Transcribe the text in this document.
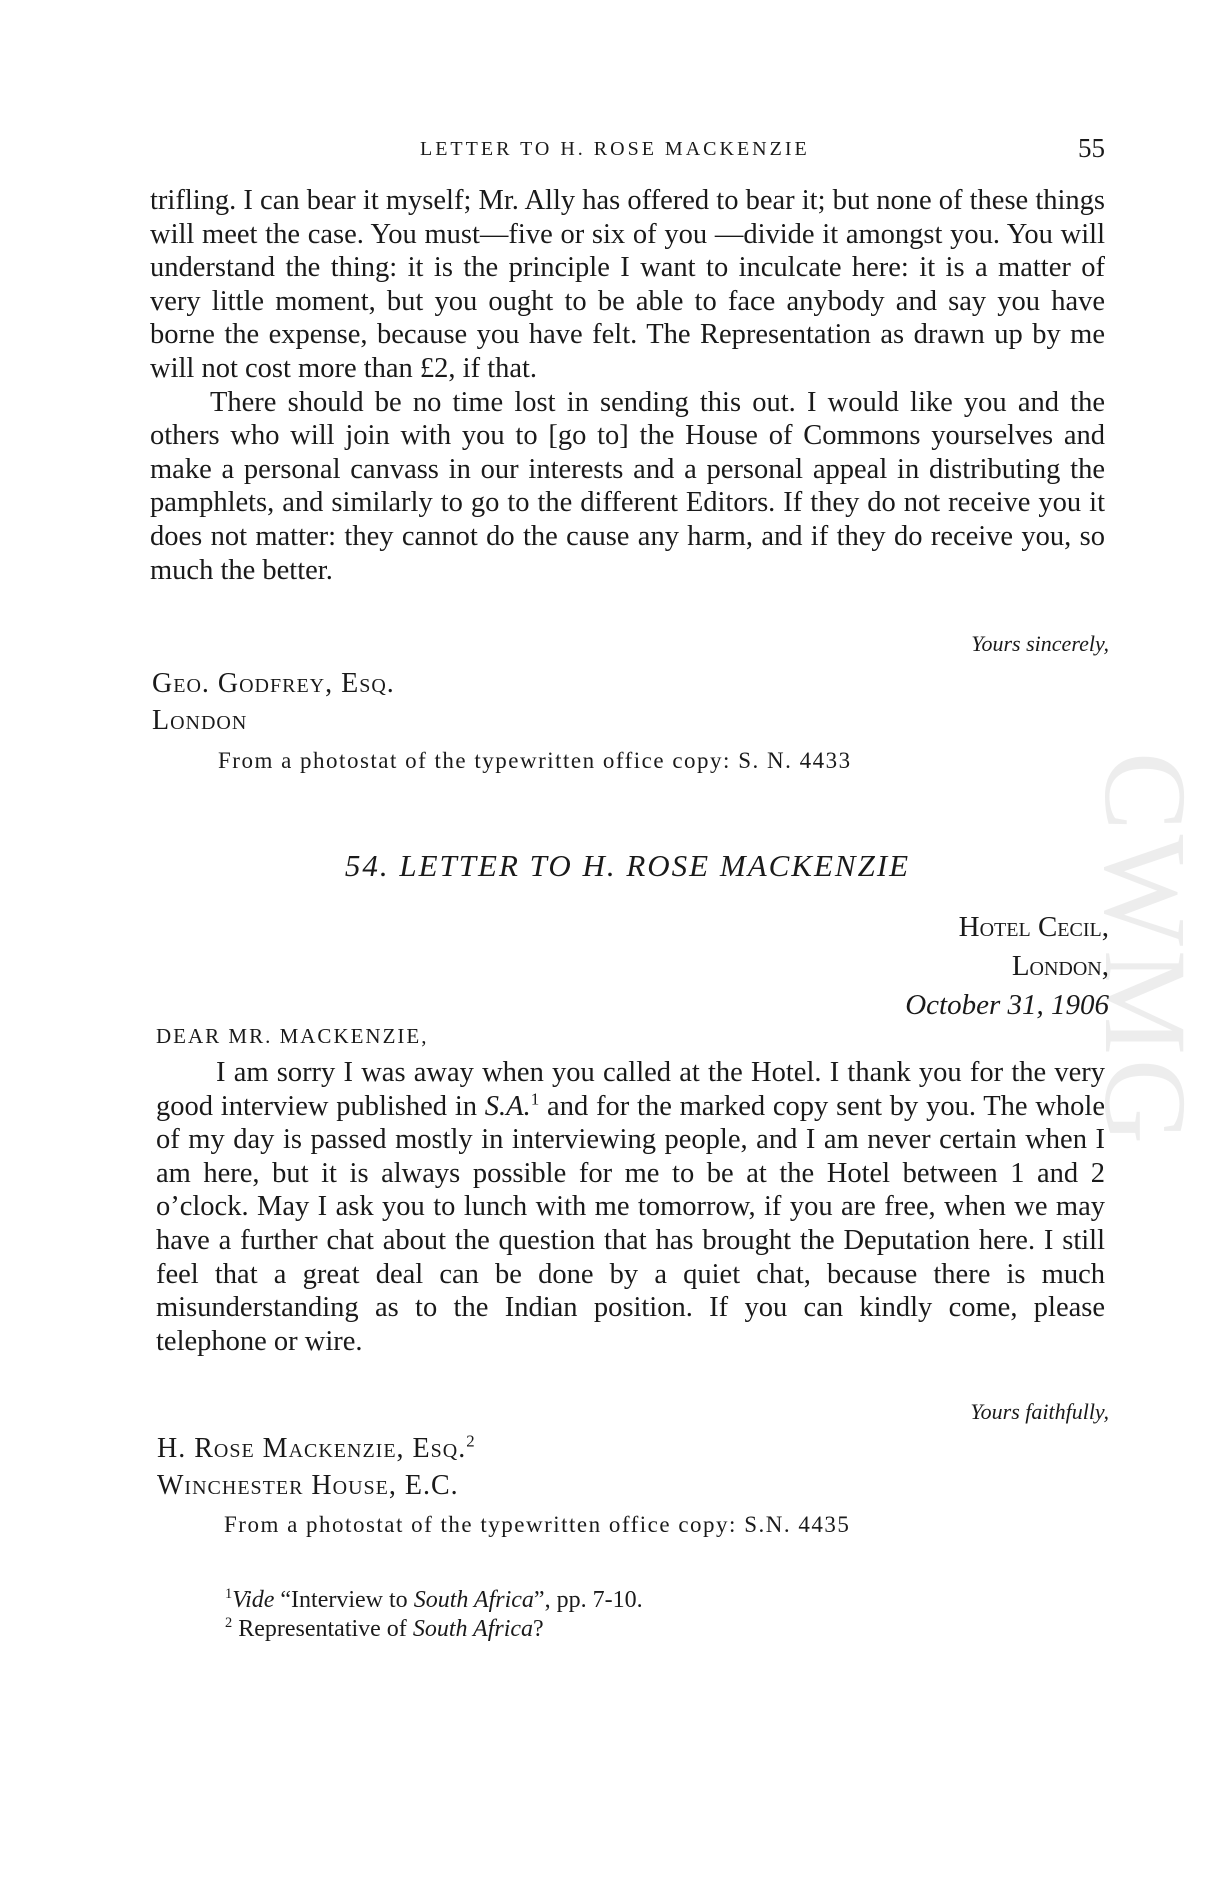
CWMG
LETTER TO H. ROSE MACKENZIE	55

trifling. I can bear it myself; Mr. Ally has offered to bear it; but none of these things will meet the case. You must—five or six of you —divide it amongst you. You will understand the thing: it is the principle I want to inculcate here: it is a matter of very little moment, but you ought to be able to face anybody and say you have borne the expense, because you have felt. The Representation as drawn up by me will not cost more than £2, if that.

There should be no time lost in sending this out. I would like you and the others who will join with you to [go to] the House of Commons yourselves and make a personal canvass in our interests and a personal appeal in distributing the pamphlets, and similarly to go to the different Editors. If they do not receive you it does not matter: they cannot do the cause any harm, and if they do receive you, so much the better.

Yours sincerely,
Geo. Godfrey, Esq.
London
From a photostat of the typewritten office copy: S. N. 4433
54. LETTER TO H. ROSE MACKENZIE
Hotel Cecil,
London,
October 31, 1906
DEAR MR. MACKENZIE,

I am sorry I was away when you called at the Hotel. I thank you for the very good interview published in S.A.$^1$ and for the marked copy sent by you. The whole of my day is passed mostly in interviewing people, and I am never certain when I am here, but it is always possible for me to be at the Hotel between 1 and 2 o’clock. May I ask you to lunch with me tomorrow, if you are free, when we may have a further chat about the question that has brought the Deputation here. I still feel that a great deal can be done by a quiet chat, because there is much misunderstanding as to the Indian position. If you can kindly come, please telephone or wire.

Yours faithfully,
H. Rose Mackenzie, Esq.$^2$
Winchester House, E.C.
From a photostat of the typewritten office copy: S.N. 4435
$^1$Vide “Interview to South Africa”, pp. 7-10.
$^2$ Representative of South Africa?
